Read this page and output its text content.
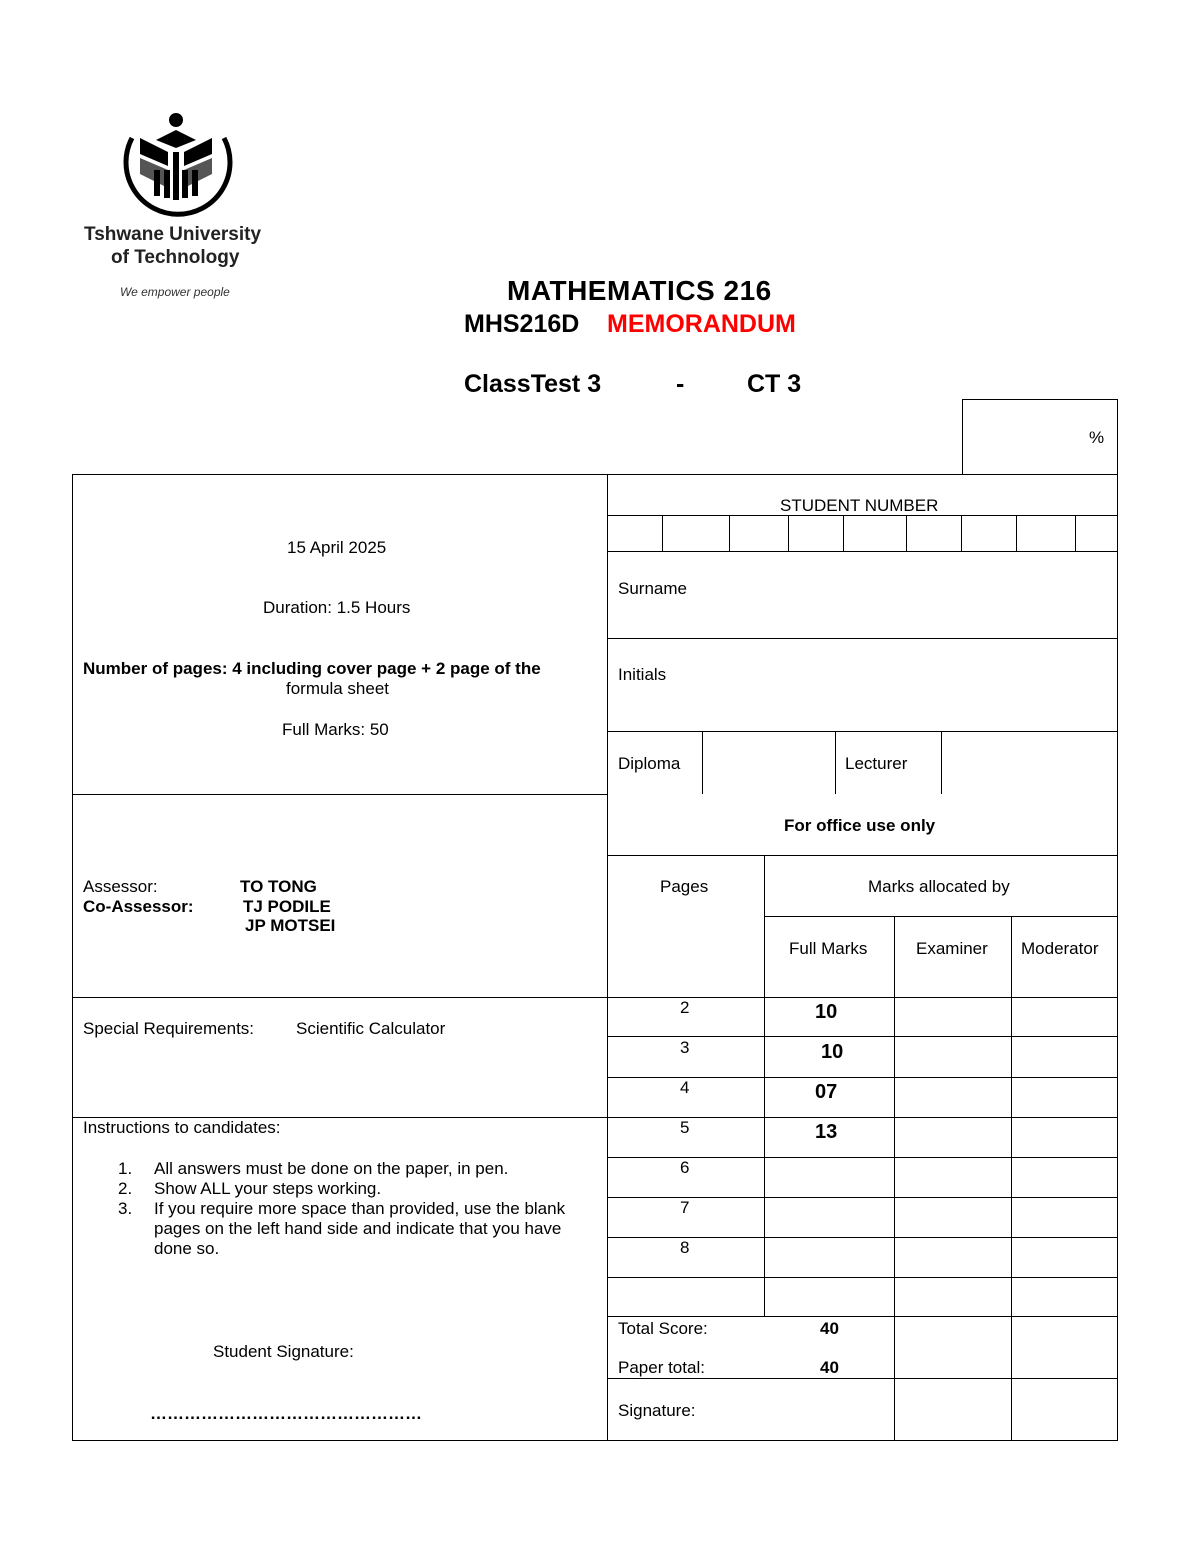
Tshwane University
of Technology
We empower people	MATHEMATICS 216
MHS216D MEMORANDUM
ClassTest 3	-	CT 3
%
15 April 2025
Duration: 1.5 Hours
Number of pages: 4 including cover page + 2 page of the
formula sheet
Full Marks: 50
Assessor:	TO TONG
Co-Assessor:	TJ PODILE
JP MOTSEI
Special Requirements: Scientific Calculator
Instructions to candidates:
1. All answers must be done on the paper, in pen.
2. Show ALL your steps working.
3. If you require more space than provided, use the blank
pages on the left hand side and indicate that you have
done so.
Student Signature:
…………………………………………
STUDENT NUMBER
Surname
Initials
Diploma	Lecturer
For office use only
Pages	Marks allocated by
Full Marks	Examiner Moderator
2	10
3	10
4	07
5	13
6
7
8
Total Score:	40
Paper total:	40
Signature:
